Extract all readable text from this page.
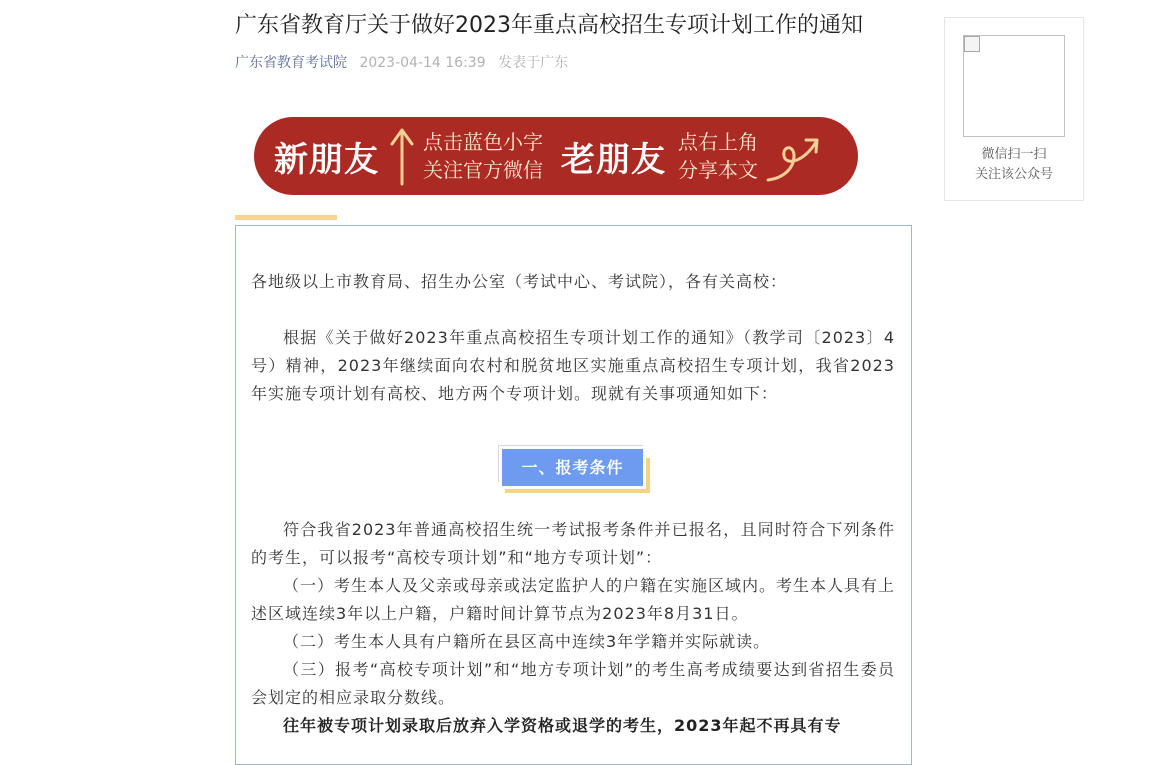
广东省教育厅关于做好2023年重点高校招生专项计划工作的通知
广东省教育考试院 2023-04-14 16:39 发表于广东
新朋友 点击蓝色小字
关注官方微信 老朋友 点右上角
分享本文

各地级以上市教育局、招生办公室（考试中心、考试院），各有关高校：

根据《关于做好2023年重点高校招生专项计划工作的通知》（教学司〔2023〕4号）精神，2023年继续面向农村和脱贫地区实施重点高校招生专项计划，我省2023年实施专项计划有高校、地方两个专项计划。现就有关事项通知如下：

一、报考条件

符合我省2023年普通高校招生统一考试报考条件并已报名，且同时符合下列条件的考生，可以报考“高校专项计划”和“地方专项计划”：

（一）考生本人及父亲或母亲或法定监护人的户籍在实施区域内。考生本人具有上述区域连续3年以上户籍，户籍时间计算节点为2023年8月31日。

（二）考生本人具有户籍所在县区高中连续3年学籍并实际就读。

（三）报考“高校专项计划”和“地方专项计划”的考生高考成绩要达到省招生委员会划定的相应录取分数线。

往年被专项计划录取后放弃入学资格或退学的考生，2023年起不再具有专

微信扫一扫
关注该公众号
